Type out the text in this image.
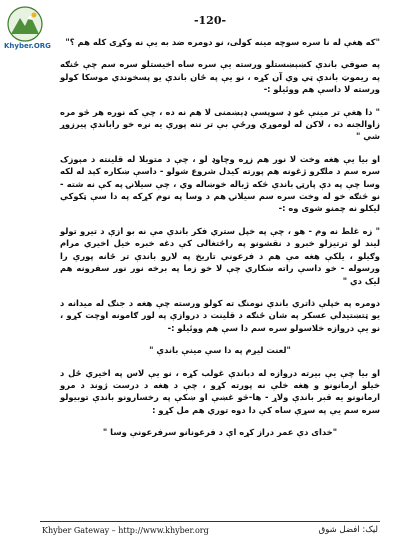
Khyber.ORG
-120-

"که هغې له نا سره سوچه مینه کولی، نو دومره ضد به یې نه وکړی کله هم ؟"

په صوفي باندې کښېښستلو ورسته یې سره ساه اخیستلو سره سم چې ځنګه په ریموټ باندې ټي وي آن کړه ، نو یې په ځان باندې یو پسخوندي موسکا کولو ورسته لا داسې هم ووئیلو :-

" دا هغې تر مینې غو ډ سوپسې ډېښمنی لا هم نه ده ، چې که نوره هر څو مره زاوالجنه ده ، لاکن له لوموړي ورځې بې تر ننه پورې یه نږه خو راباندې پیرزوړ شي "

او بیا یې هغه وخت لا نور هم زړه وچاوډ لو ، چې د متوبلا له قلینته د مېوزک سره سم د ملګرو ژغونه هم پورته کیدل شروع شولو - داسې ښکاره کېد له لکه وسا چې په دې پارټۍ باندې څکه ژباله خوښاله وي ، چې سیلانۍ په کې نه شته - نو څنګه خو له وخت سره سم سیلانۍ هم د وسا په نوم کړکه په دا سې ټکوکي لیکلو نه چمنو شوی وه :-

" زه غلط نه وم - هو ، چې په خپل ستري فکر باندې مې نه بو ازې د تیرو تولو لیند لو ترتیزلو خبرو د نقشونو په راځتغالی کې دغه خبره خیل اخیري مرام وګیلو ، یلکې هغه مې هم د فرعوني تاریخ په لارو باندې تر ځانه پورې را ورسوله - خو داسې راته ښکاري چې لا خو زما په برخه نور نور سفرونه هم لیک دي "

دومره په خپلې ذاتري باندې نومنګ ته کولو ورسته چې هغه د جنګ له میدانه د یو ټتښتیدلي عسکر په شان ځنګه د قلینت د دروازې په لور ګامونه اوچت کړو ، نو یې دروازه خلاسولو سره سم دا سې هم ووئیلو :-

"لعنت لیږم په دا سې مینې باندې "

او بیا چې یې بیرته دروازه له دباندې غولب کړه ، نو یې لاس په اخیري ځل د خیلو ارمانونو و هغه خلې نه پورته کړو ، چې د هغه د درست ژوند د مرو ارمانونو یه قبر باندې ولاړ - ها-څو غښې او ښکې په رخسارونو باندې توبیولو سره سم یې په سړې ساه کې دا دوه توري هم مل کړو :

"خدای دې عمر دراز کړه اې د فرعونانو سرفرعونې وسا "

Khyber Gateway – http://www.khyber.org	لیک: افضل شوق
